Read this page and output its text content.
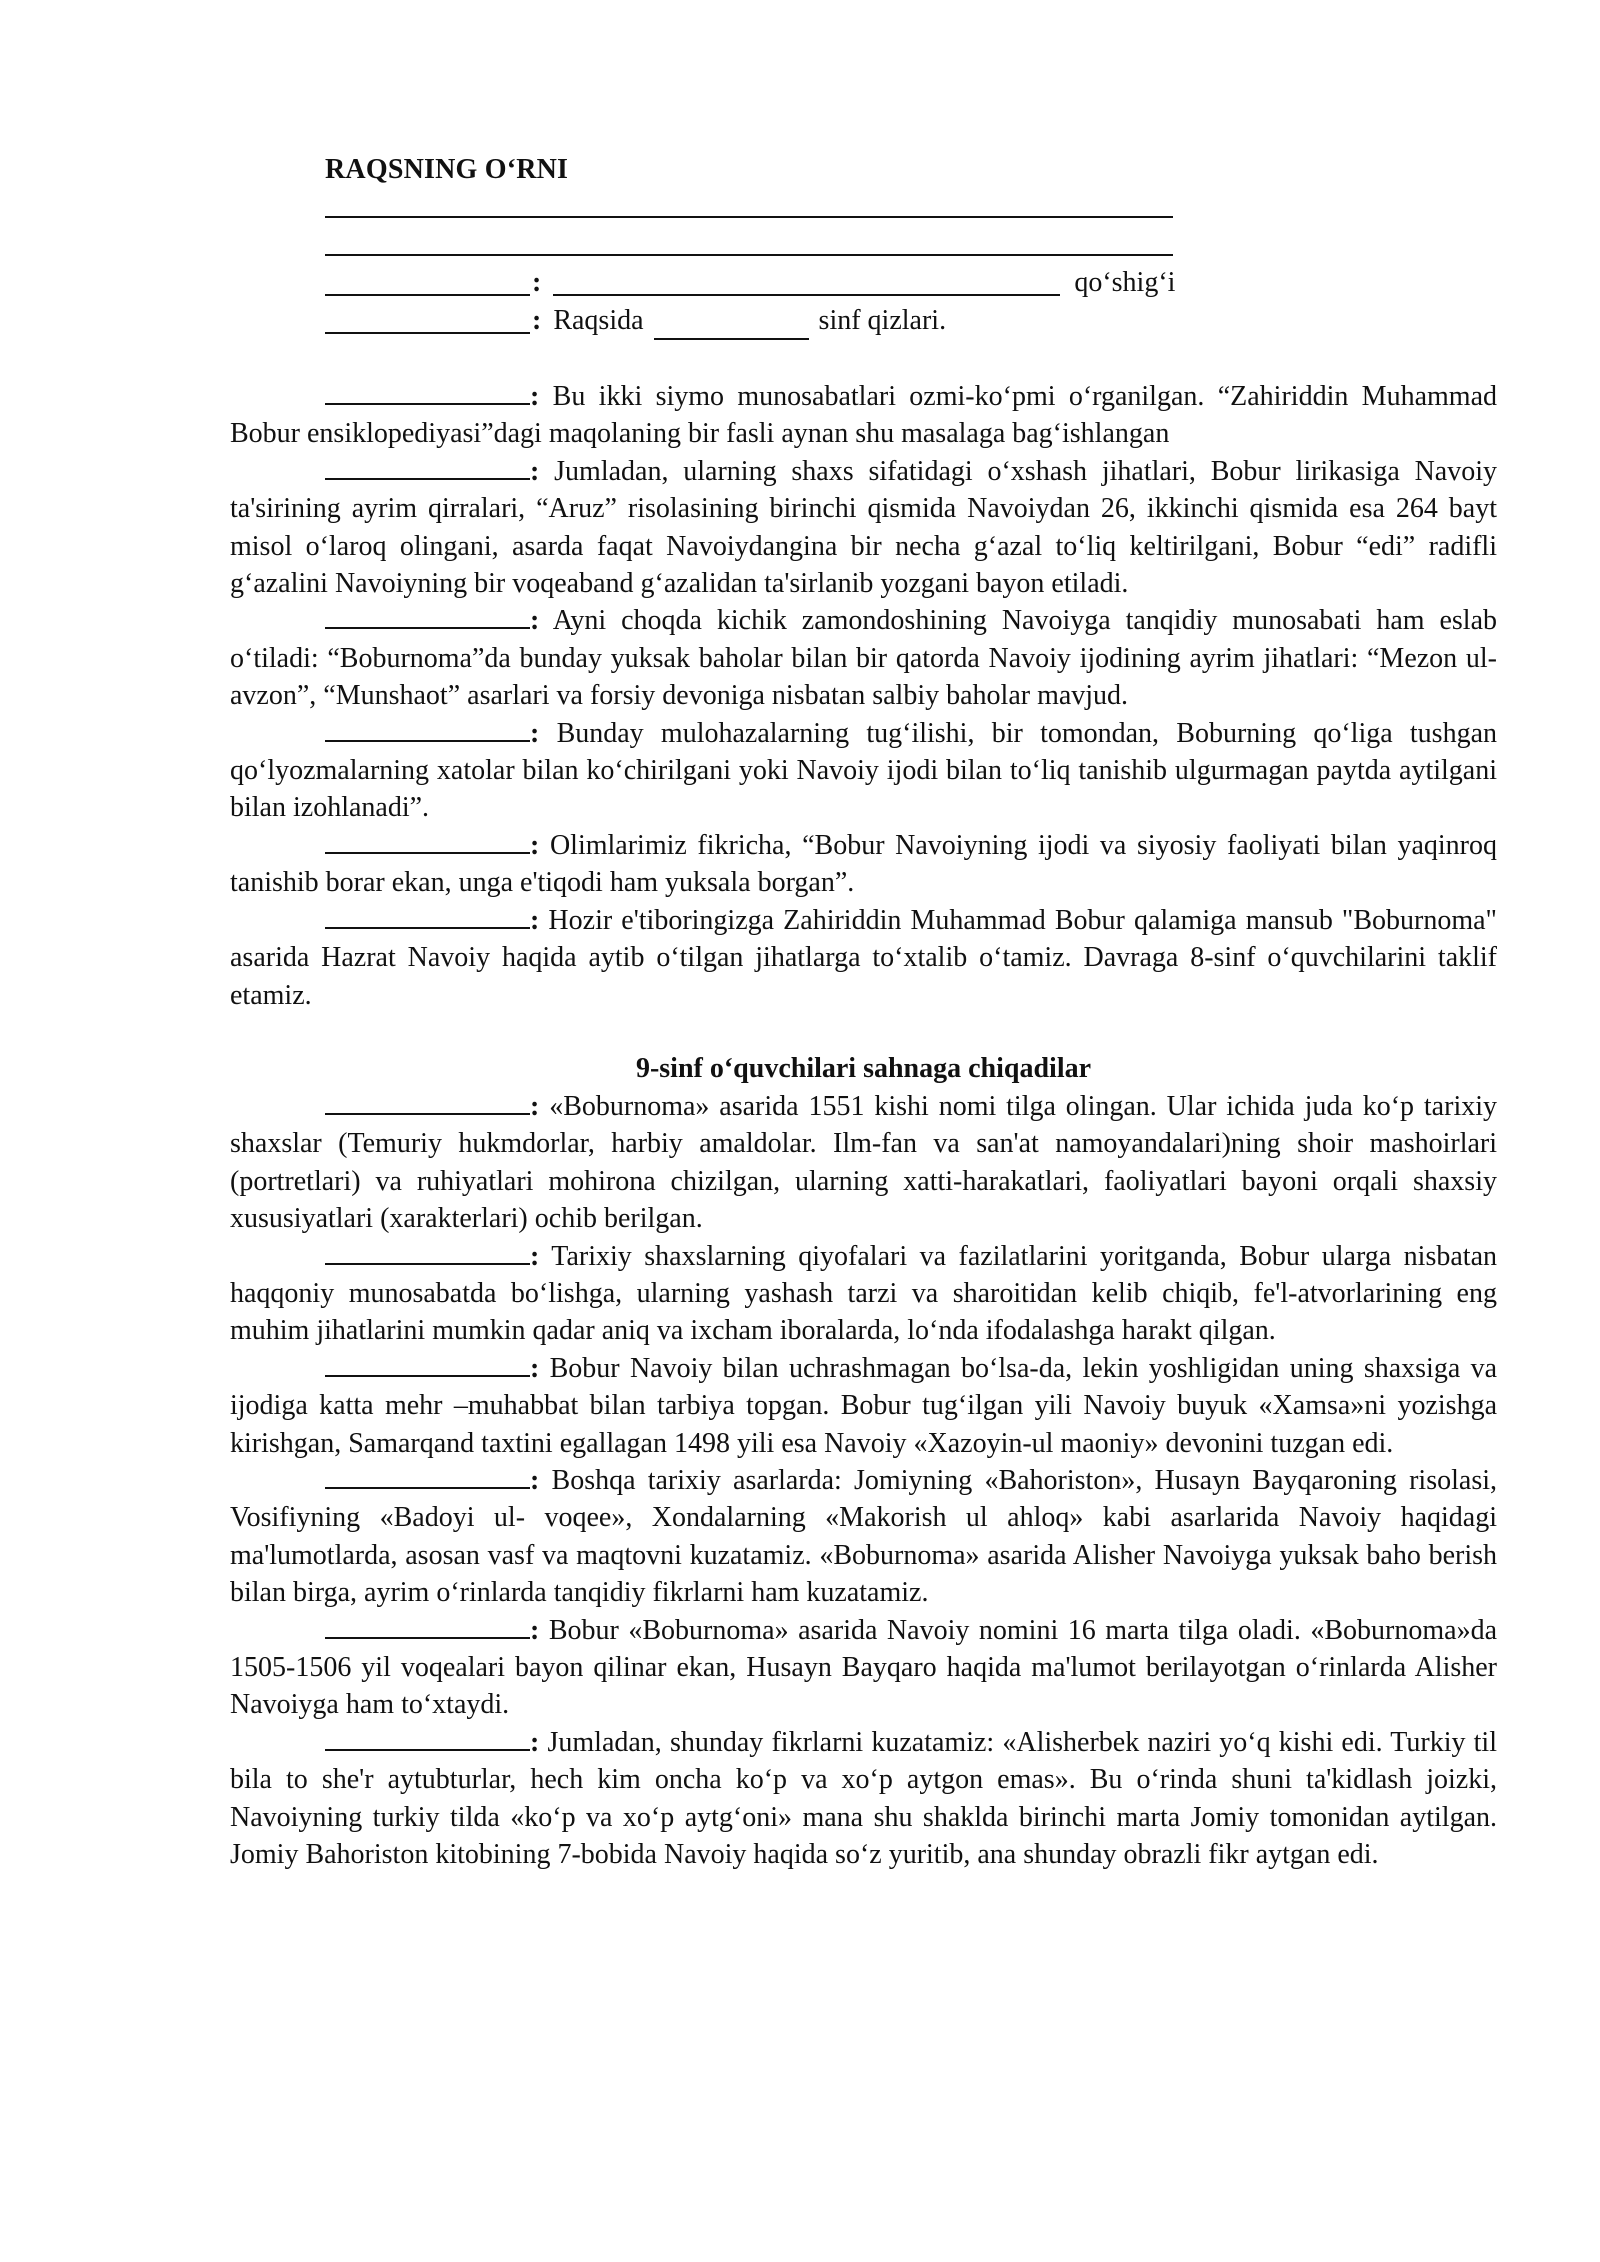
RAQSNING O‘RNI
:	qo‘shig‘i
: Raqsida	sinf qizlari.

: Bu ikki siymo munosabatlari ozmi-ko‘pmi o‘rganilgan. “Zahiriddin Muhammad Bobur ensiklopediyasi”dagi maqolaning bir fasli aynan shu masalaga bag‘ishlangan

: Jumladan, ularning shaxs sifatidagi o‘xshash jihatlari, Bobur lirikasiga Navoiy ta'sirining ayrim qirralari, “Aruz” risolasining birinchi qismida Navoiydan 26, ikkinchi qismida esa 264 bayt misol o‘laroq olingani, asarda faqat Navoiydangina bir necha g‘azal to‘liq keltirilgani, Bobur “edi” radifli g‘azalini Navoiyning bir voqeaband g‘azalidan ta'sirlanib yozgani bayon etiladi.

: Ayni choqda kichik zamondoshining Navoiyga tanqidiy munosabati ham eslab o‘tiladi: “Boburnoma”da bunday yuksak baholar bilan bir qatorda Navoiy ijodining ayrim jihatlari: “Mezon ul-avzon”, “Munshaot” asarlari va forsiy devoniga nisbatan salbiy baholar mavjud.

: Bunday mulohazalarning tug‘ilishi, bir tomondan, Boburning qo‘liga tushgan qo‘lyozmalarning xatolar bilan ko‘chirilgani yoki Navoiy ijodi bilan to‘liq tanishib ulgurmagan paytda aytilgani bilan izohlanadi”.

: Olimlarimiz fikricha, “Bobur Navoiyning ijodi va siyosiy faoliyati bilan yaqinroq tanishib borar ekan, unga e'tiqodi ham yuksala borgan”.

: Hozir e'tiboringizga Zahiriddin Muhammad Bobur qalamiga mansub "Boburnoma" asarida Hazrat Navoiy haqida aytib o‘tilgan jihatlarga to‘xtalib o‘tamiz. Davraga 8-sinf o‘quvchilarini taklif etamiz.

9-sinf o‘quvchilari sahnaga chiqadilar

: «Boburnoma» asarida 1551 kishi nomi tilga olingan. Ular ichida juda ko‘p tarixiy shaxslar (Temuriy hukmdorlar, harbiy amaldolar. Ilm-fan va san'at namoyandalari)ning shoir mashoirlari (portretlari) va ruhiyatlari mohirona chizilgan, ularning xatti-harakatlari, faoliyatlari bayoni orqali shaxsiy xususiyatlari (xarakterlari) ochib berilgan.

: Tarixiy shaxslarning qiyofalari va fazilatlarini yoritganda, Bobur ularga nisbatan haqqoniy munosabatda bo‘lishga, ularning yashash tarzi va sharoitidan kelib chiqib, fe'l-atvorlarining eng muhim jihatlarini mumkin qadar aniq va ixcham iboralarda, lo‘nda ifodalashga harakt qilgan.

: Bobur Navoiy bilan uchrashmagan bo‘lsa-da, lekin yoshligidan uning shaxsiga va ijodiga katta mehr –muhabbat bilan tarbiya topgan. Bobur tug‘ilgan yili Navoiy buyuk «Xamsa»ni yozishga kirishgan, Samarqand taxtini egallagan 1498 yili esa Navoiy «Xazoyin-ul maoniy» devonini tuzgan edi.

: Boshqa tarixiy asarlarda: Jomiyning «Bahoriston», Husayn Bayqaroning risolasi, Vosifiyning «Badoyi ul- voqee», Xondalarning «Makorish ul ahloq» kabi asarlarida Navoiy haqidagi ma'lumotlarda, asosan vasf va maqtovni kuzatamiz. «Boburnoma» asarida Alisher Navoiyga yuksak baho berish bilan birga, ayrim o‘rinlarda tanqidiy fikrlarni ham kuzatamiz.

: Bobur «Boburnoma» asarida Navoiy nomini 16 marta tilga oladi. «Boburnoma»da 1505-1506 yil voqealari bayon qilinar ekan, Husayn Bayqaro haqida ma'lumot berilayotgan o‘rinlarda Alisher Navoiyga ham to‘xtaydi.

: Jumladan, shunday fikrlarni kuzatamiz: «Alisherbek naziri yo‘q kishi edi. Turkiy til bila to she'r aytubturlar, hech kim oncha ko‘p va xo‘p aytgon emas». Bu o‘rinda shuni ta'kidlash joizki, Navoiyning turkiy tilda «ko‘p va xo‘p aytg‘oni» mana shu shaklda birinchi marta Jomiy tomonidan aytilgan. Jomiy Bahoriston kitobining 7-bobida Navoiy haqida so‘z yuritib, ana shunday obrazli fikr aytgan edi.
